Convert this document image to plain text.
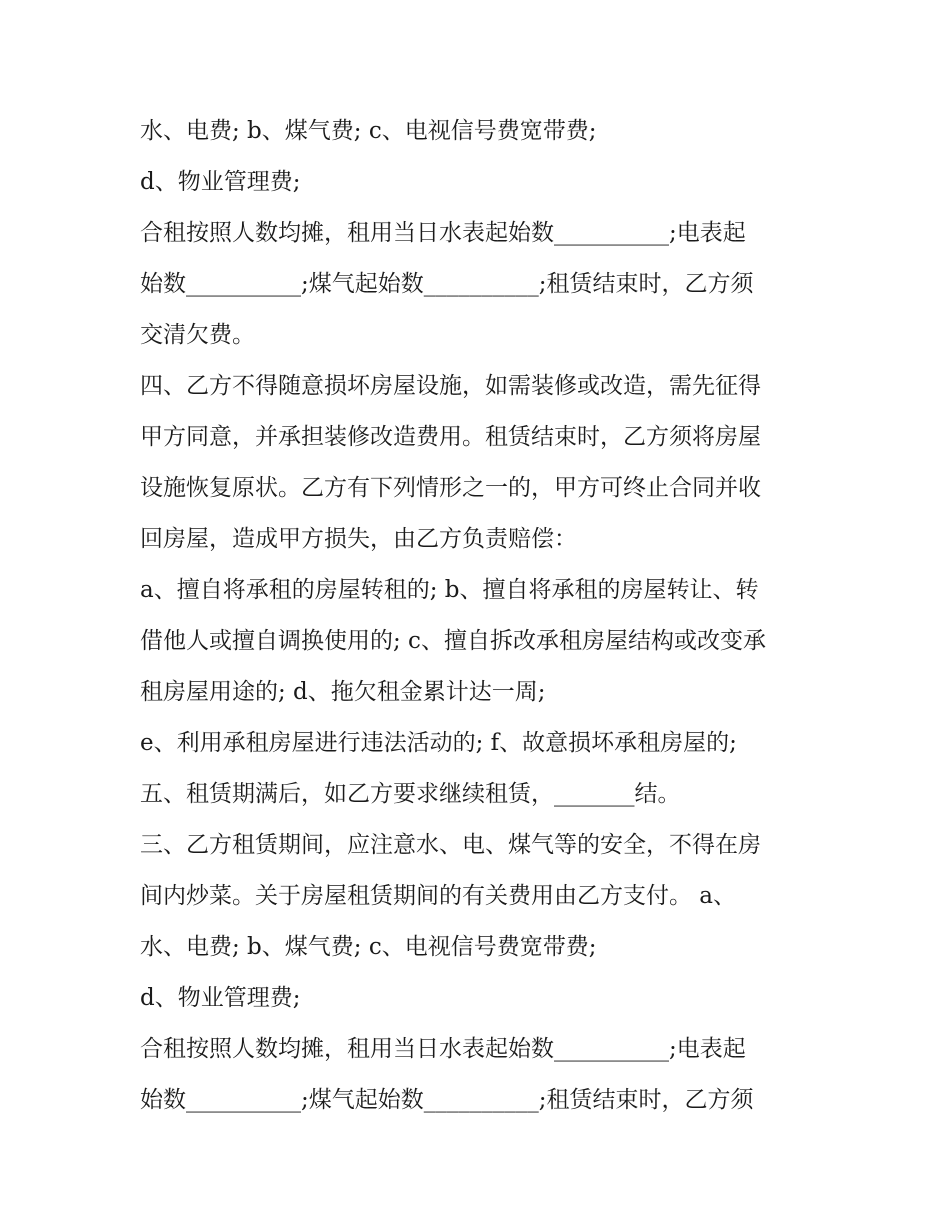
水、电费; b、煤气费; c、电视信号费宽带费;
d、物业管理费;
合租按照人数均摊，租用当日水表起始数__________;电表起
始数__________;煤气起始数__________;租赁结束时，乙方须
交清欠费。
四、乙方不得随意损坏房屋设施，如需装修或改造，需先征得
甲方同意，并承担装修改造费用。租赁结束时，乙方须将房屋
设施恢复原状。乙方有下列情形之一的，甲方可终止合同并收
回房屋，造成甲方损失，由乙方负责赔偿：
a、擅自将承租的房屋转租的; b、擅自将承租的房屋转让、转
借他人或擅自调换使用的; c、擅自拆改承租房屋结构或改变承
租房屋用途的; d、拖欠租金累计达一周;
e、利用承租房屋进行违法活动的; f、故意损坏承租房屋的;
五、租赁期满后，如乙方要求继续租赁，_______结。
三、乙方租赁期间，应注意水、电、煤气等的安全，不得在房
间内炒菜。关于房屋租赁期间的有关费用由乙方支付。 a、
水、电费; b、煤气费; c、电视信号费宽带费;
d、物业管理费;
合租按照人数均摊，租用当日水表起始数__________;电表起
始数__________;煤气起始数__________;租赁结束时，乙方须
